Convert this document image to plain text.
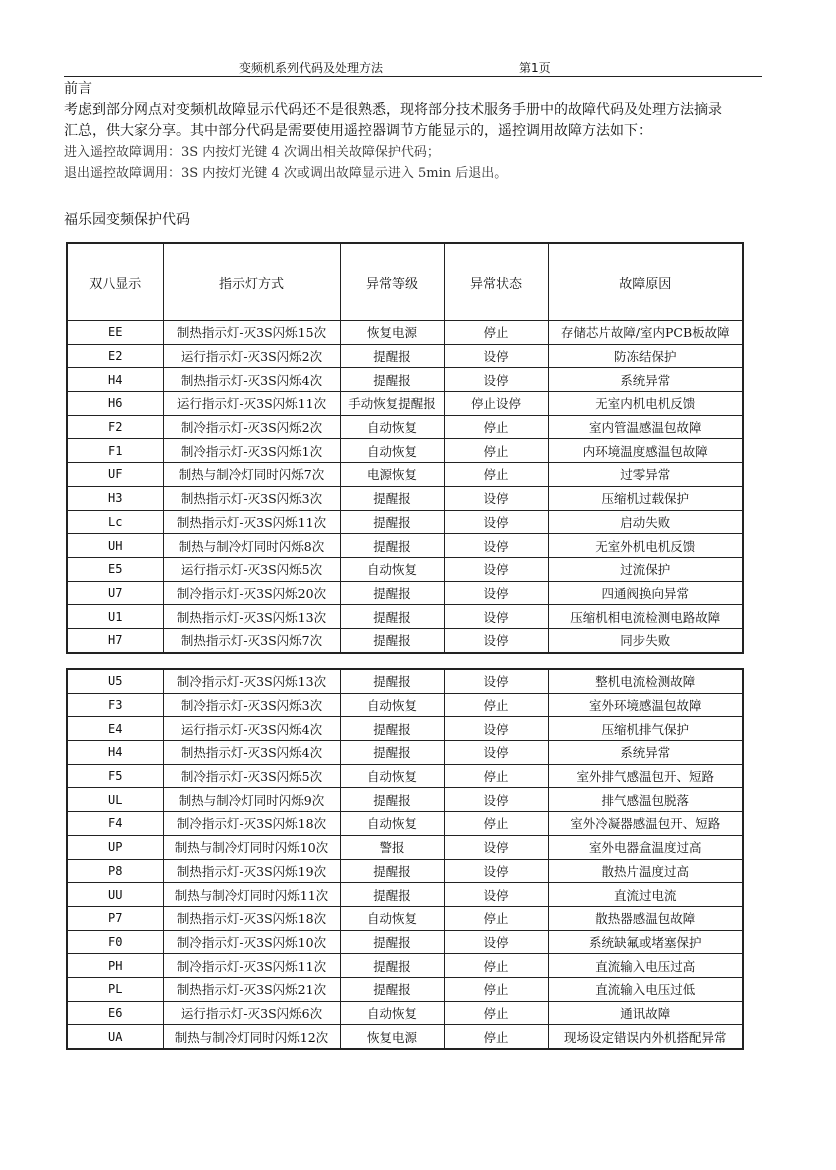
变频机系列代码及处理方法	第1页
前言
考虑到部分网点对变频机故障显示代码还不是很熟悉，现将部分技术服务手册中的故障代码及处理方法摘录
汇总，供大家分享。其中部分代码是需要使用遥控器调节方能显示的，遥控调用故障方法如下：
进入遥控故障调用：3S 内按灯光键 4 次调出相关故障保护代码；
退出遥控故障调用：3S 内按灯光键 4 次或调出故障显示进入 5min 后退出。
福乐园变频保护代码
双八显示	指示灯方式	异常等级	异常状态	故障原因
EE	制热指示灯-灭3S闪烁15次	恢复电源	停止	存储芯片故障/室内PCB板故障
E2	运行指示灯-灭3S闪烁2次	提醒报	设停	防冻结保护
H4	制热指示灯-灭3S闪烁4次	提醒报	设停	系统异常
H6	运行指示灯-灭3S闪烁11次	手动恢复提醒报	停止设停	无室内机电机反馈
F2	制冷指示灯-灭3S闪烁2次	自动恢复	停止	室内管温感温包故障
F1	制冷指示灯-灭3S闪烁1次	自动恢复	停止	内环境温度感温包故障
UF	制热与制冷灯同时闪烁7次	电源恢复	停止	过零异常
H3	制热指示灯-灭3S闪烁3次	提醒报	设停	压缩机过载保护
Lc	制热指示灯-灭3S闪烁11次	提醒报	设停	启动失败
UH	制热与制冷灯同时闪烁8次	提醒报	设停	无室外机电机反馈
E5	运行指示灯-灭3S闪烁5次	自动恢复	设停	过流保护
U7	制冷指示灯-灭3S闪烁20次	提醒报	设停	四通阀换向异常
U1	制热指示灯-灭3S闪烁13次	提醒报	设停	压缩机相电流检测电路故障
H7	制热指示灯-灭3S闪烁7次	提醒报	设停	同步失败
U5	制冷指示灯-灭3S闪烁13次	提醒报	设停	整机电流检测故障
F3	制冷指示灯-灭3S闪烁3次	自动恢复	停止	室外环境感温包故障
E4	运行指示灯-灭3S闪烁4次	提醒报	设停	压缩机排气保护
H4	制热指示灯-灭3S闪烁4次	提醒报	设停	系统异常
F5	制冷指示灯-灭3S闪烁5次	自动恢复	停止	室外排气感温包开、短路
UL	制热与制冷灯同时闪烁9次	提醒报	设停	排气感温包脱落
F4	制冷指示灯-灭3S闪烁18次	自动恢复	停止	室外冷凝器感温包开、短路
UP	制热与制冷灯同时闪烁10次	警报	设停	室外电器盒温度过高
P8	制热指示灯-灭3S闪烁19次	提醒报	设停	散热片温度过高
UU	制热与制冷灯同时闪烁11次	提醒报	设停	直流过电流
P7	制热指示灯-灭3S闪烁18次	自动恢复	停止	散热器感温包故障
F0	制冷指示灯-灭3S闪烁10次	提醒报	设停	系统缺氟或堵塞保护
PH	制冷指示灯-灭3S闪烁11次	提醒报	停止	直流输入电压过高
PL	制热指示灯-灭3S闪烁21次	提醒报	停止	直流输入电压过低
E6	运行指示灯-灭3S闪烁6次	自动恢复	停止	通讯故障
UA	制热与制冷灯同时闪烁12次	恢复电源	停止	现场设定错误内外机搭配异常
